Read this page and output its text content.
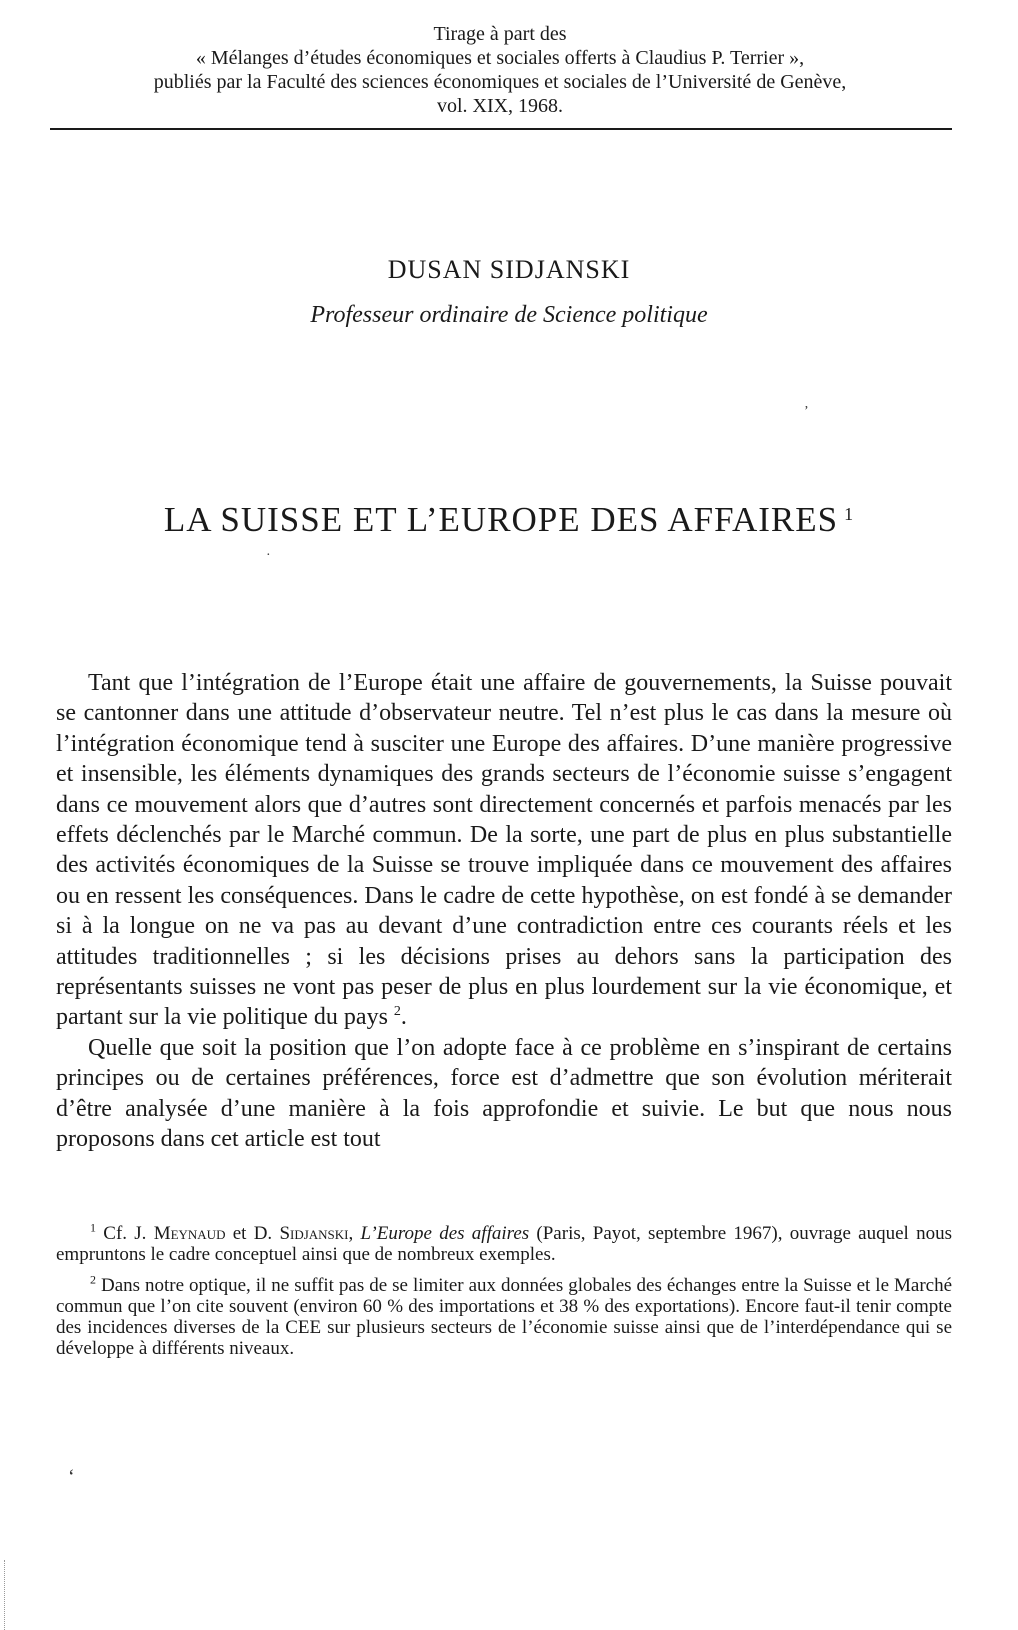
Tirage à part des
« Mélanges d’études économiques et sociales offerts à Claudius P. Terrier »,
publiés par la Faculté des sciences économiques et sociales de l’Université de Genève,
vol. XIX, 1968.
DUSAN SIDJANSKI
Professeur ordinaire de Science politique
LA SUISSE ET L’EUROPE DES AFFAIRES $^1$

Tant que l’intégration de l’Europe était une affaire de gouvernements, la Suisse pouvait se cantonner dans une attitude d’observateur neutre. Tel n’est plus le cas dans la mesure où l’intégration économique tend à susciter une Europe des affaires. D’une manière progressive et insensible, les éléments dynamiques des grands secteurs de l’économie suisse s’engagent dans ce mouvement alors que d’autres sont directement concernés et parfois menacés par les effets déclenchés par le Marché commun. De la sorte, une part de plus en plus substantielle des activités économiques de la Suisse se trouve impliquée dans ce mouvement des affaires ou en ressent les conséquences. Dans le cadre de cette hypothèse, on est fondé à se demander si à la longue on ne va pas au devant d’une contradiction entre ces courants réels et les attitudes traditionnelles ; si les décisions prises au dehors sans la participation des représentants suisses ne vont pas peser de plus en plus lourdement sur la vie économique, et partant sur la vie politique du pays $^2$.

Quelle que soit la position que l’on adopte face à ce problème en s’inspirant de certains principes ou de certaines préférences, force est d’admettre que son évolution mériterait d’être analysée d’une manière à la fois approfondie et suivie. Le but que nous nous proposons dans cet article est tout

$^1$ Cf. J. Meynaud et D. Sidjanski, L’Europe des affaires (Paris, Payot, septembre 1967), ouvrage auquel nous empruntons le cadre conceptuel ainsi que de nombreux exemples.

$^2$ Dans notre optique, il ne suffit pas de se limiter aux données globales des échanges entre la Suisse et le Marché commun que l’on cite souvent (environ 60 % des importations et 38 % des exportations). Encore faut-il tenir compte des incidences diverses de la CEE sur plusieurs secteurs de l’économie suisse ainsi que de l’interdépendance qui se développe à différents niveaux.

’
·
‘
